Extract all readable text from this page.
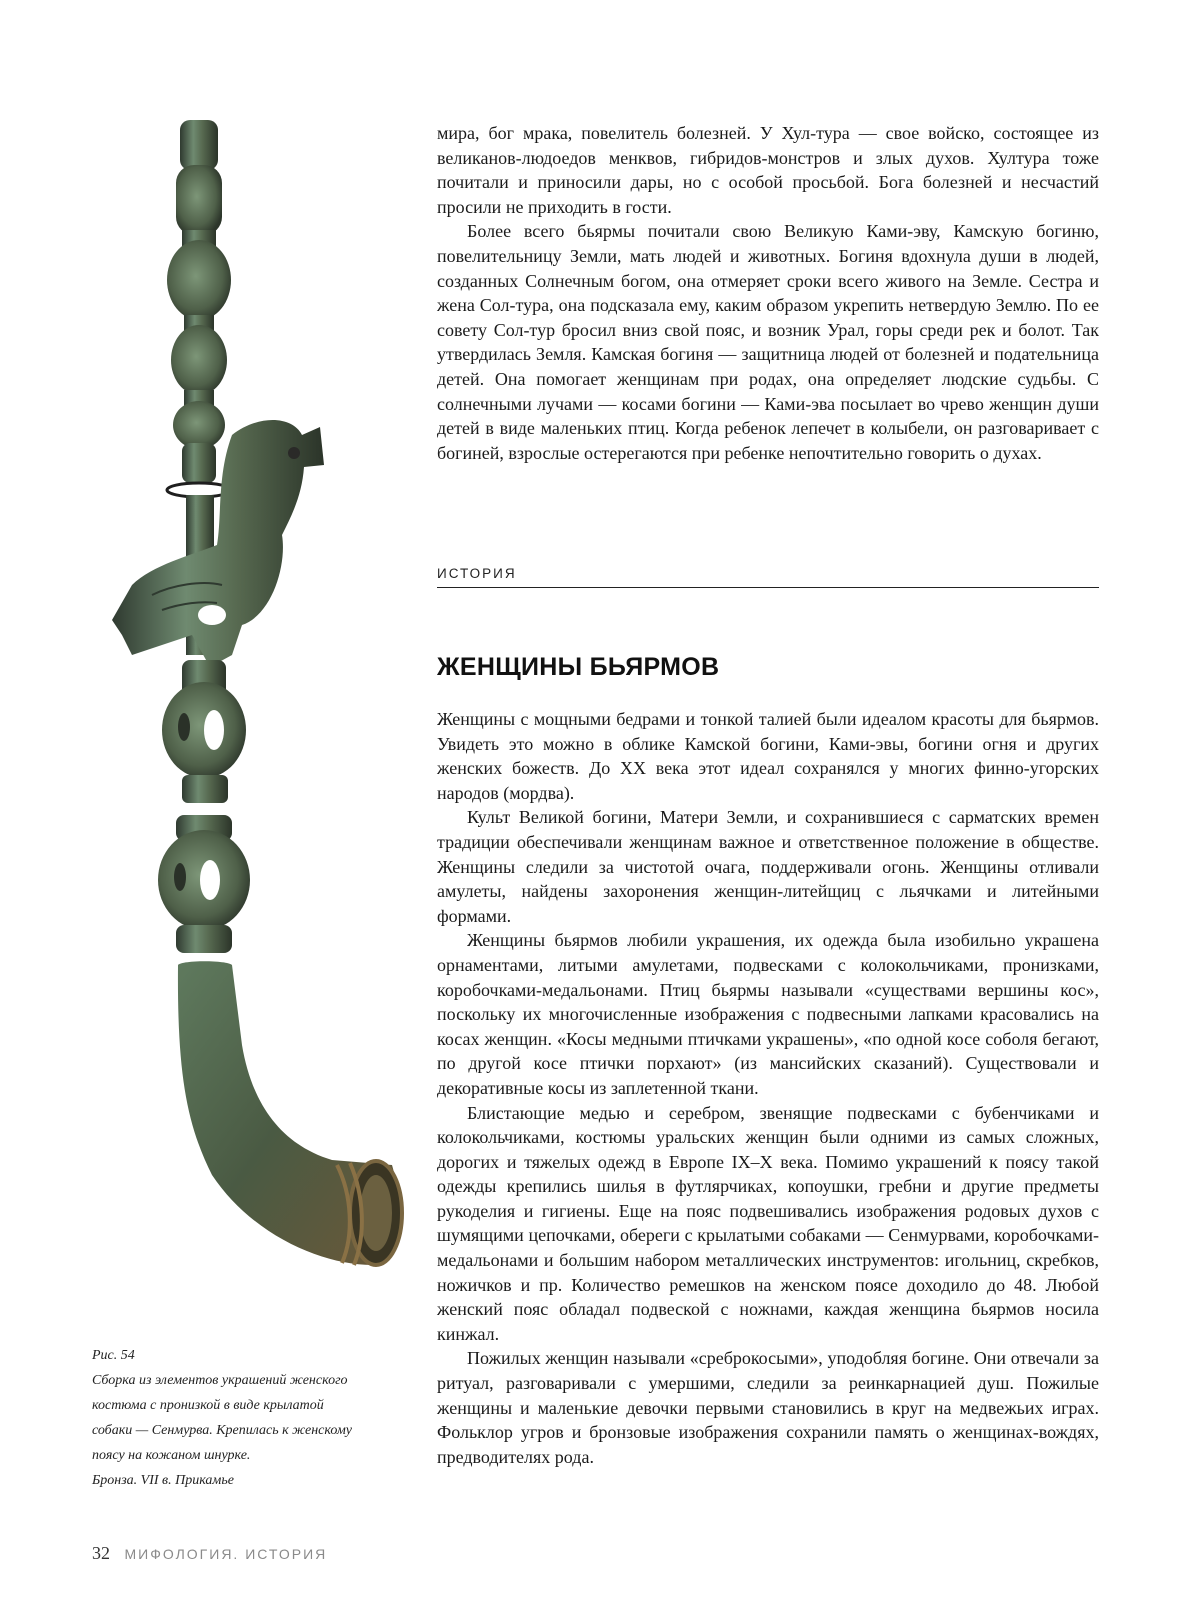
Рис. 54
Сборка из элементов украшений женского
костюма с пронизкой в виде крылатой
собаки — Сенмурва. Крепилась к женскому
поясу на кожаном шнурке.
Бронза. VII в. Прикамье

мира, бог мрака, повелитель болезней. У Хул-тура — свое войско, состоящее из великанов-людоедов менквов, гибридов-монстров и злых духов. Хултура тоже почитали и приносили дары, но с особой просьбой. Бога болезней и несчастий просили не приходить в гости.

Более всего бьярмы почитали свою Великую Ками-эву, Камскую богиню, повелительницу Земли, мать людей и животных. Богиня вдохнула души в людей, созданных Солнечным богом, она отмеряет сроки всего живого на Земле. Сестра и жена Сол-тура, она подсказала ему, каким образом укрепить нетвердую Землю. По ее совету Сол-тур бросил вниз свой пояс, и возник Урал, горы среди рек и болот. Так утвердилась Земля. Камская богиня — защитница людей от болезней и подательница детей. Она помогает женщинам при родах, она определяет людские судьбы. С солнечными лучами — косами богини — Ками-эва посылает во чрево женщин души детей в виде маленьких птиц. Когда ребенок лепечет в колыбели, он разговаривает с богиней, взрослые остерегаются при ребенке непочтительно говорить о духах.

ИСТОРИЯ
ЖЕНЩИНЫ БЬЯРМОВ

Женщины с мощными бедрами и тонкой талией были идеалом красоты для бьярмов. Увидеть это можно в облике Камской богини, Ками-эвы, богини огня и других женских божеств. До XX века этот идеал сохранялся у многих финно-угорских народов (мордва).

Культ Великой богини, Матери Земли, и сохранившиеся с сарматских времен традиции обеспечивали женщинам важное и ответственное положение в обществе. Женщины следили за чистотой очага, поддерживали огонь. Женщины отливали амулеты, найдены захоронения женщин-литейщиц с льячками и литейными формами.

Женщины бьярмов любили украшения, их одежда была изобильно украшена орнаментами, литыми амулетами, подвесками с колокольчиками, пронизками, коробочками-медальонами. Птиц бьярмы называли «существами вершины кос», поскольку их многочисленные изображения с подвесными лапками красовались на косах женщин. «Косы медными птичками украшены», «по одной косе соболя бегают, по другой косе птички порхают» (из мансийских сказаний). Существовали и декоративные косы из заплетенной ткани.

Блистающие медью и серебром, звенящие подвесками с бубенчиками и колокольчиками, костюмы уральских женщин были одними из самых сложных, дорогих и тяжелых одежд в Европе IX–X века. Помимо украшений к поясу такой одежды крепились шилья в футлярчиках, копоушки, гребни и другие предметы рукоделия и гигиены. Еще на пояс подвешивались изображения родовых духов с шумящими цепочками, обереги с крылатыми собаками — Сенмурвами, коробочками-медальонами и большим набором металлических инструментов: игольниц, скребков, ножичков и пр. Количество ремешков на женском поясе доходило до 48. Любой женский пояс обладал подвеской с ножнами, каждая женщина бьярмов носила кинжал.

Пожилых женщин называли «среброкосыми», уподобляя богине. Они отвечали за ритуал, разговаривали с умершими, следили за реинкарнацией душ. Пожилые женщины и маленькие девочки первыми становились в круг на медвежьих играх. Фольклор угров и бронзовые изображения сохранили память о женщинах-вождях, предводителях рода.

32 МИФОЛОГИЯ. ИСТОРИЯ
